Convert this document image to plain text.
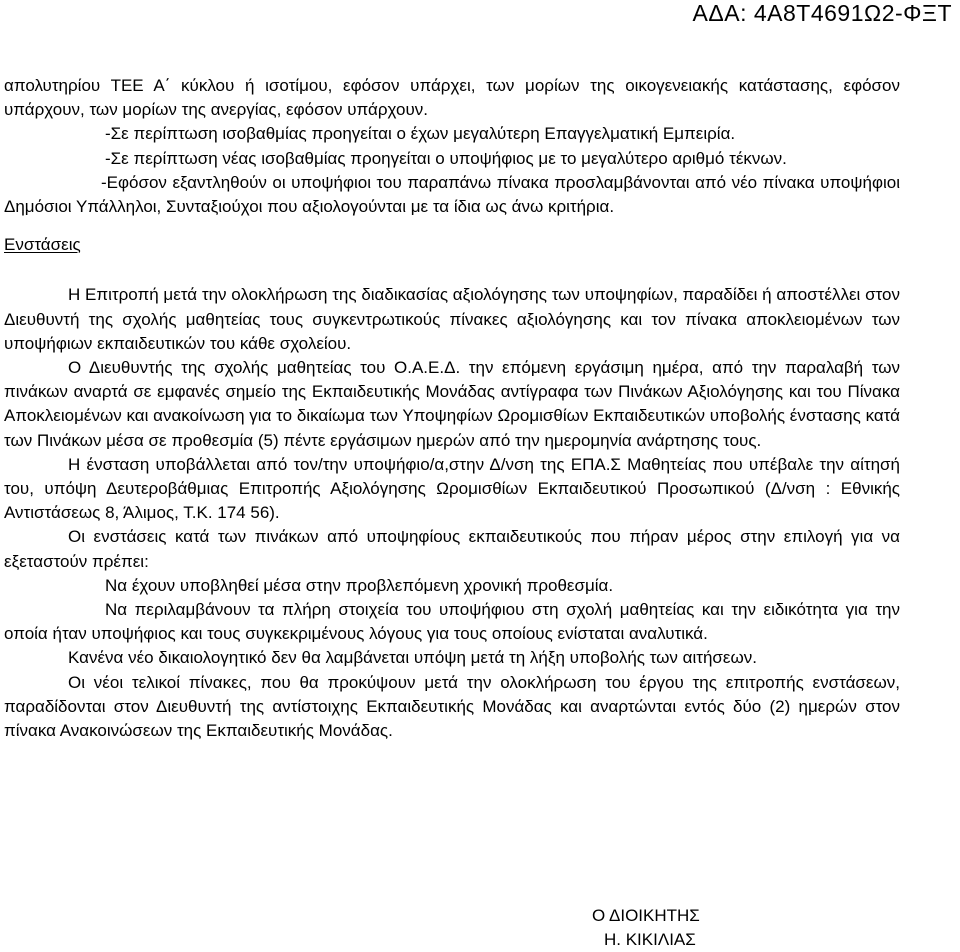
ΑΔΑ: 4Α8Τ4691Ω2-ΦΞΤ

απολυτηρίου ΤΕΕ Α΄ κύκλου ή ισοτίμου, εφόσον υπάρχει, των μορίων της οικογενειακής κατάστασης, εφόσον υπάρχουν, των μορίων της ανεργίας, εφόσον υπάρχουν.

-Σε περίπτωση ισοβαθμίας προηγείται ο έχων μεγαλύτερη Επαγγελματική Εμπειρία.

-Σε περίπτωση νέας ισοβαθμίας προηγείται ο υποψήφιος με το μεγαλύτερο αριθμό τέκνων.

-Εφόσον εξαντληθούν οι υποψήφιοι του παραπάνω πίνακα προσλαμβάνονται από νέο πίνακα υποψήφιοι Δημόσιοι Υπάλληλοι, Συνταξιούχοι που αξιολογούνται με τα ίδια ως άνω κριτήρια.

Ενστάσεις

Η Επιτροπή μετά την ολοκλήρωση της διαδικασίας αξιολόγησης των υποψηφίων, παραδίδει ή αποστέλλει στον Διευθυντή της σχολής μαθητείας τους συγκεντρωτικούς πίνακες αξιολόγησης και τον πίνακα αποκλειομένων των υποψήφιων εκπαιδευτικών του κάθε σχολείου.

Ο Διευθυντής της σχολής μαθητείας του Ο.Α.Ε.Δ. την επόμενη εργάσιμη ημέρα, από την παραλαβή των πινάκων αναρτά σε εμφανές σημείο της Εκπαιδευτικής Μονάδας αντίγραφα των Πινάκων Αξιολόγησης και του Πίνακα Αποκλειομένων και ανακοίνωση για το δικαίωμα των Υποψηφίων Ωρομισθίων Εκπαιδευτικών υποβολής ένστασης κατά των Πινάκων μέσα σε προθεσμία (5) πέντε εργάσιμων ημερών από την ημερομηνία ανάρτησης τους.

Η ένσταση υποβάλλεται από τον/την υποψήφιο/α,στην Δ/νση της ΕΠΑ.Σ Μαθητείας που υπέβαλε την αίτησή του, υπόψη Δευτεροβάθμιας Επιτροπής Αξιολόγησης Ωρομισθίων Εκπαιδευτικού Προσωπικού (Δ/νση : Εθνικής Αντιστάσεως 8, Άλιμος, Τ.Κ. 174 56).

Οι ενστάσεις κατά των πινάκων από υποψηφίους εκπαιδευτικούς που πήραν μέρος στην επιλογή για να εξεταστούν πρέπει:

Να έχουν υποβληθεί μέσα στην προβλεπόμενη χρονική προθεσμία.

Να περιλαμβάνουν τα πλήρη στοιχεία του υποψήφιου στη σχολή μαθητείας και την ειδικότητα για την οποία ήταν υποψήφιος και τους συγκεκριμένους λόγους για τους οποίους ενίσταται αναλυτικά.

Κανένα νέο δικαιολογητικό δεν θα λαμβάνεται υπόψη μετά τη λήξη υποβολής των αιτήσεων.

Οι νέοι τελικοί πίνακες, που θα προκύψουν μετά την ολοκλήρωση του έργου της επιτροπής ενστάσεων, παραδίδονται στον Διευθυντή της αντίστοιχης Εκπαιδευτικής Μονάδας και αναρτώνται εντός δύο (2) ημερών στον πίνακα Ανακοινώσεων της Εκπαιδευτικής Μονάδας.

Ο ΔΙΟΙΚΗΤΗΣ
Η. ΚΙΚΙΛΙΑΣ
